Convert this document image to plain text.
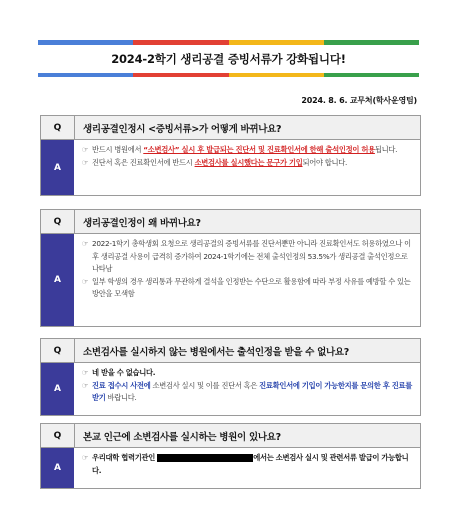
2024-2학기 생리공결 증빙서류가 강화됩니다!
2024. 8. 6. 교무처(학사운영팀)
Q	생리공결인정시 <증빙서류>가 어떻게 바뀌나요?
A
☞ 반드시 병원에서 “소변검사” 실시 후 발급되는 진단서 및 진료확인서에 한해 출석인정이 허용됩니다.
☞ 진단서 혹은 진료확인서에 반드시 소변검사를 실시했다는 문구가 기입되어야 합니다.
Q	생리공결인정이 왜 바뀌나요?
A
☞ 2022-1학기 총학생회 요청으로 생리공결의 증빙서류를 진단서뿐만 아니라 진료확인서도 허용하였으나 이후 생리공결 사용이 급격히 증가하여 2024-1학기에는 전체 출석인정의 53.5%가 생리공결 출석인정으로 나타남
☞ 일부 학생의 경우 생리통과 무관하게 결석을 인정받는 수단으로 활용함에 따라 부정 사유를 예방할 수 있는 방안을 모색함
Q	소변검사를 실시하지 않는 병원에서는 출석인정을 받을 수 없나요?
A
☞ 네 받을 수 없습니다.
☞ 진료 접수시 사전에 소변검사 실시 및 이를 진단서 혹은 진료확인서에 기입이 가능한지를 문의한 후 진료를 받기 바랍니다.
Q	본교 인근에 소변검사를 실시하는 병원이 있나요?
A
☞ 우리대학 협력기관인	에서는 소변검사 실시 및 관련서류 발급이 가능합니다.
